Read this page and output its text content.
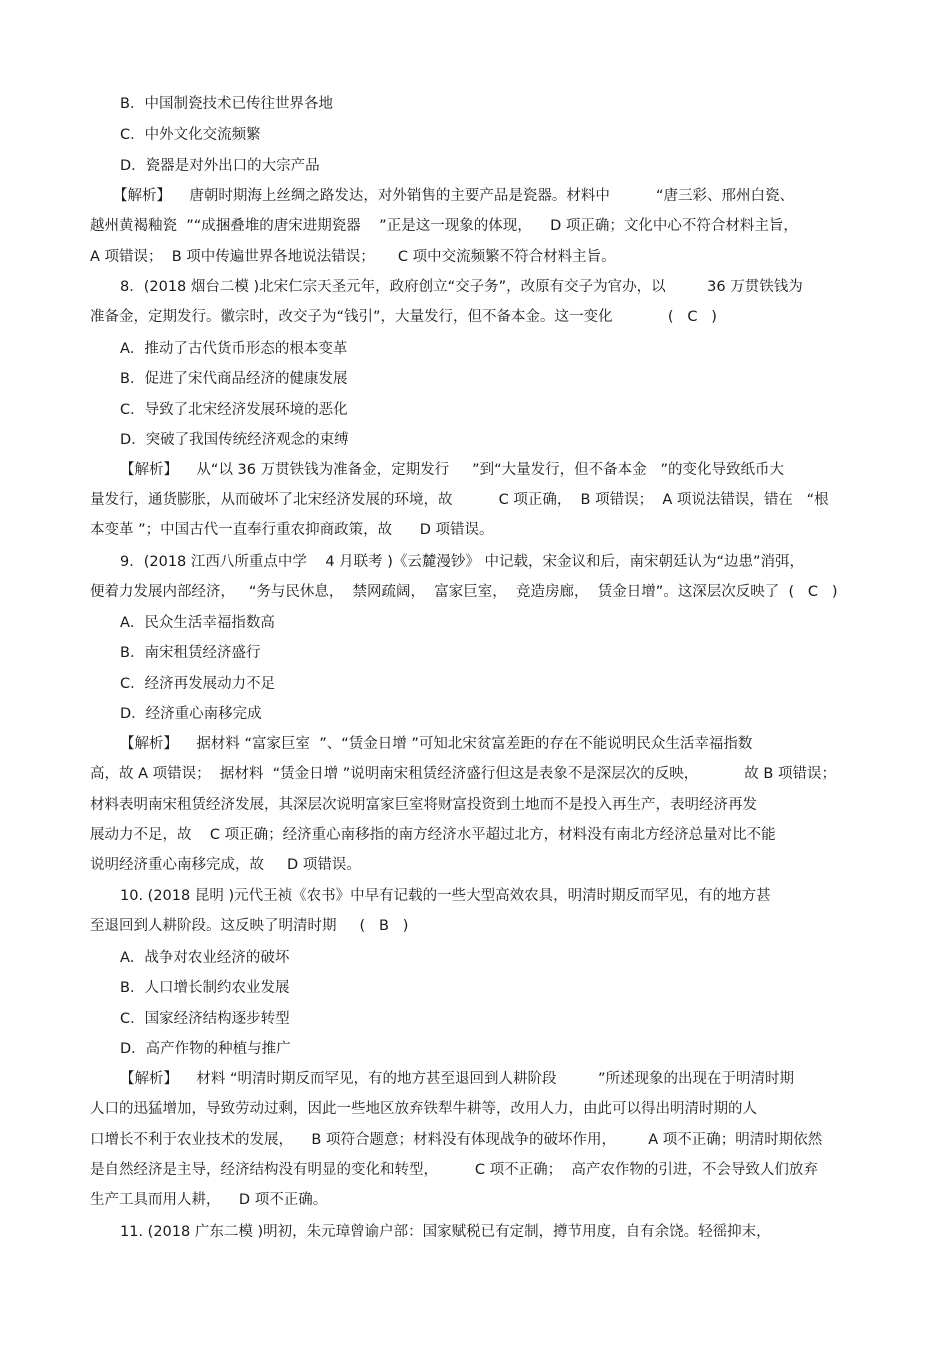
B．中国制瓷技术已传往世界各地
C．中外文化交流频繁
D．瓷器是对外出口的大宗产品
【解析】    唐朝时期海上丝绸之路发达，对外销售的主要产品是瓷器。材料中          “唐三彩、邢州白瓷、
越州黄褐釉瓷  ”“成捆叠堆的唐宋进期瓷器    ”正是这一现象的体现，    D 项正确；文化中心不符合材料主旨，
A 项错误；  B 项中传遍世界各地说法错误；     C 项中交流频繁不符合材料主旨。
8．(2018 烟台二模 )北宋仁宗天圣元年，政府创立“交子务”，改原有交子为官办，以         36 万贯铁钱为
准备金，定期发行。徽宗时，改交子为“钱引”，大量发行，但不备本金。这一变化            (   C   )
A．推动了古代货币形态的根本变革
B．促进了宋代商品经济的健康发展
C．导致了北宋经济发展环境的恶化
D．突破了我国传统经济观念的束缚
【解析】    从“以 36 万贯铁钱为准备金，定期发行     ”到“大量发行，但不备本金   ”的变化导致纸币大
量发行，通货膨胀，从而破坏了北宋经济发展的环境，故          C 项正确，  B 项错误；  A 项说法错误，错在   “根
本变革 ”；中国古代一直奉行重农抑商政策，故      D 项错误。
9．(2018 江西八所重点中学    4 月联考 )《云麓漫钞》 中记载，宋金议和后，南宋朝廷认为“边患”消弭，
便着力发展内部经济，   “务与民休息，  禁网疏阔，  富家巨室，  竞造房廊，  赁金日增”。这深层次反映了  (   C   )
A．民众生活幸福指数高
B．南宋租赁经济盛行
C．经济再发展动力不足
D．经济重心南移完成
【解析】    据材料 “富家巨室  ”、“赁金日增 ”可知北宋贫富差距的存在不能说明民众生活幸福指数
高，故 A 项错误；  据材料  “赁金日增 ”说明南宋租赁经济盛行但这是表象不是深层次的反映，          故 B 项错误；
材料表明南宋租赁经济发展，其深层次说明富家巨室将财富投资到土地而不是投入再生产，表明经济再发
展动力不足，故    C 项正确；经济重心南移指的南方经济水平超过北方，材料没有南北方经济总量对比不能
说明经济重心南移完成，故     D 项错误。
10. (2018 昆明 )元代王祯《农书》中早有记载的一些大型高效农具，明清时期反而罕见，有的地方甚
至退回到人耕阶段。这反映了明清时期     (   B   )
A．战争对农业经济的破坏
B．人口增长制约农业发展
C．国家经济结构逐步转型
D．高产作物的种植与推广
【解析】    材料 “明清时期反而罕见，有的地方甚至退回到人耕阶段         ”所述现象的出现在于明清时期
人口的迅猛增加，导致劳动过剩，因此一些地区放弃铁犁牛耕等，改用人力，由此可以得出明清时期的人
口增长不利于农业技术的发展，    B 项符合题意；材料没有体现战争的破坏作用，       A 项不正确；明清时期依然
是自然经济是主导，经济结构没有明显的变化和转型，        C 项不正确；  高产农作物的引进，不会导致人们放弃
生产工具而用人耕，    D 项不正确。
11. (2018 广东二模 )明初，朱元璋曾谕户部：国家赋税已有定制，撙节用度，自有余饶。轻徭抑末，
